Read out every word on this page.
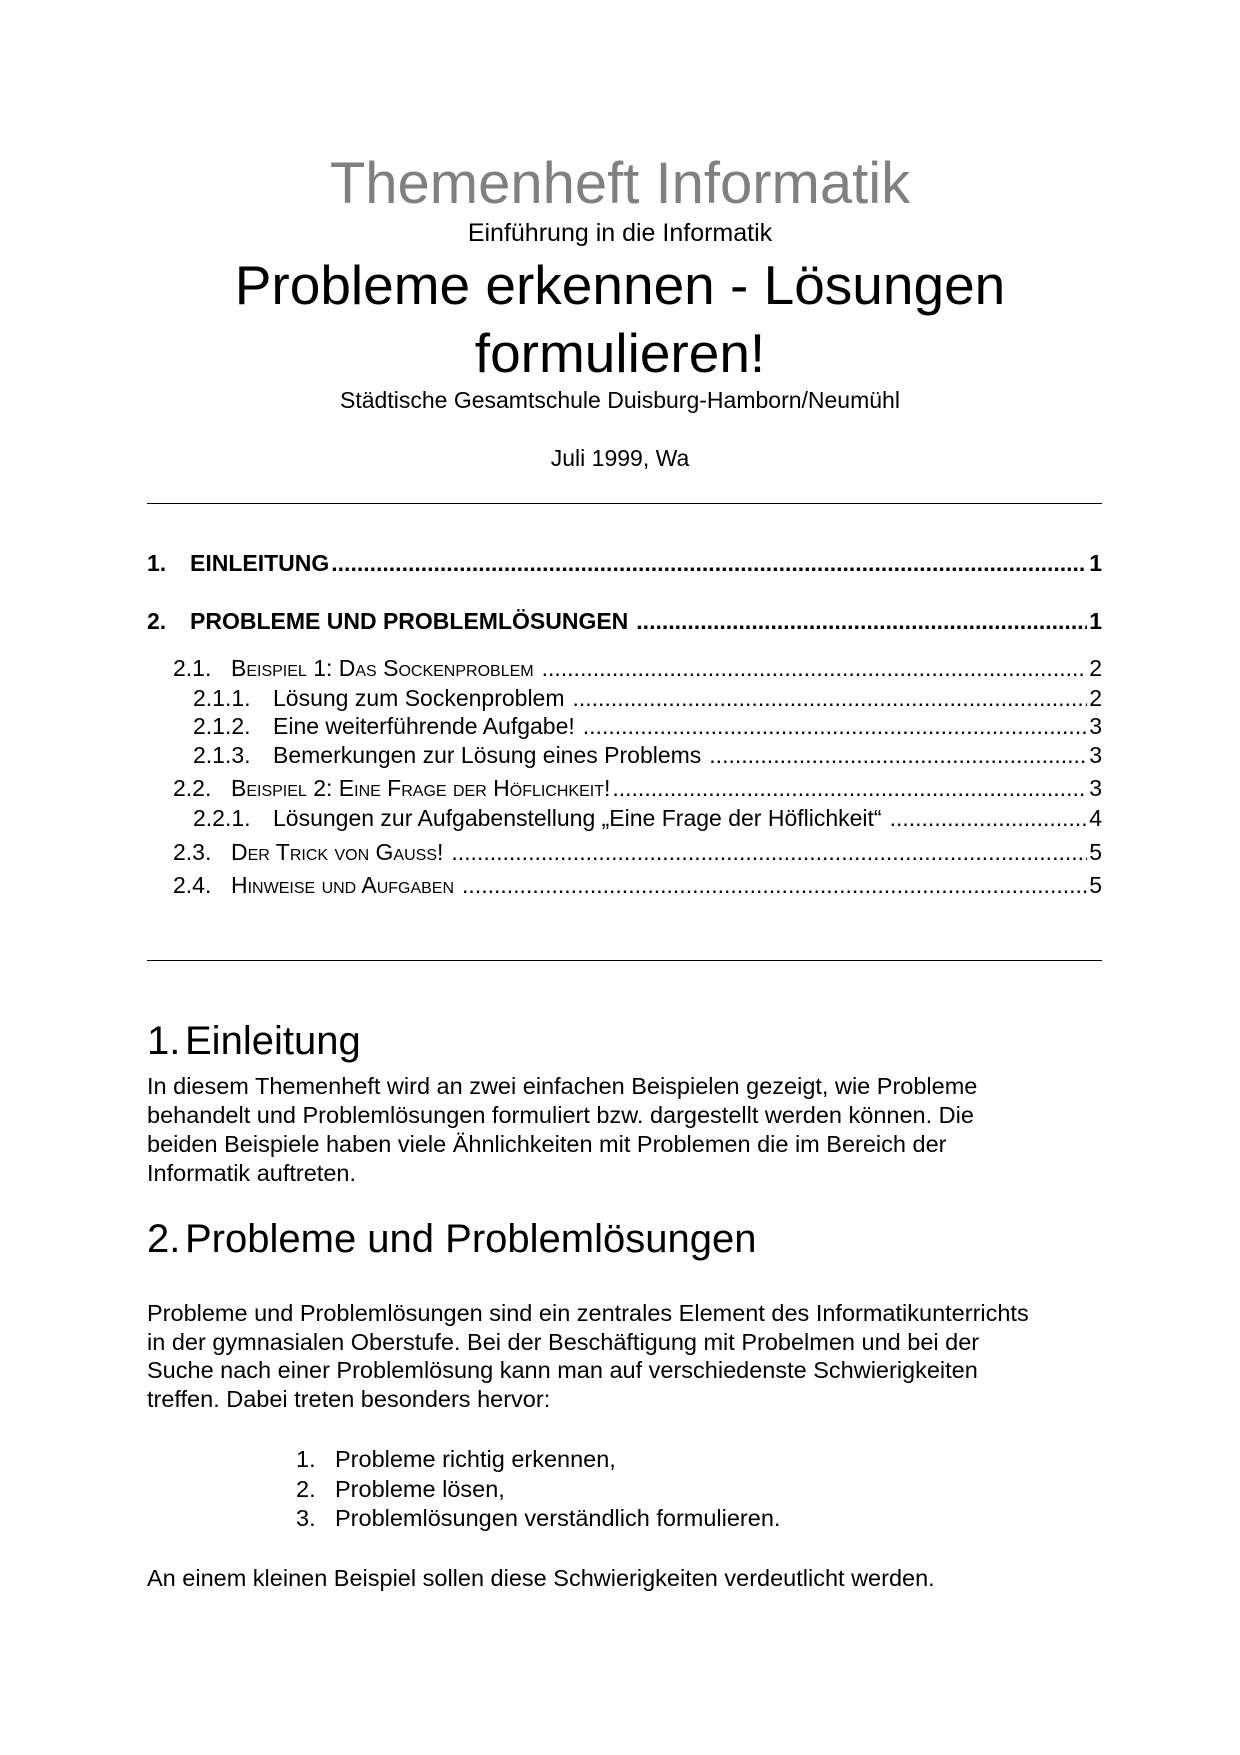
Themenheft Informatik
Einführung in die Informatik
Probleme erkennen - Lösungen
formulieren!
Städtische Gesamtschule Duisburg-Hamborn/Neumühl
Juli 1999, Wa
1.	EINLEITUNG .....	1
2.	PROBLEME UND PROBLEMLÖSUNGEN .....	1
2.1. Beispiel 1: Das Sockenproblem .....	2
2.1.1. Lösung zum Sockenproblem .....	2
2.1.2. Eine weiterführende Aufgabe! .....	3
2.1.3. Bemerkungen zur Lösung eines Problems .....	3
2.2. Beispiel 2: Eine Frage der Höflichkeit! .....	3
2.2.1. Lösungen zur Aufgabenstellung „Eine Frage der Höflichkeit“ .....	4
2.3. Der Trick von Gauß! .....	5
2.4. Hinweise und Aufgaben .....	5
1. Einleitung
In diesem Themenheft wird an zwei einfachen Beispielen gezeigt, wie Probleme
behandelt und Problemlösungen formuliert bzw. dargestellt werden können. Die
beiden Beispiele haben viele Ähnlichkeiten mit Problemen die im Bereich der
Informatik auftreten.
2. Probleme und Problemlösungen
Probleme und Problemlösungen sind ein zentrales Element des Informatikunterrichts
in der gymnasialen Oberstufe. Bei der Beschäftigung mit Probelmen und bei der
Suche nach einer Problemlösung kann man auf verschiedenste Schwierigkeiten
treffen. Dabei treten besonders hervor:
1. Probleme richtig erkennen,
2. Probleme lösen,
3. Problemlösungen verständlich formulieren.
An einem kleinen Beispiel sollen diese Schwierigkeiten verdeutlicht werden.
